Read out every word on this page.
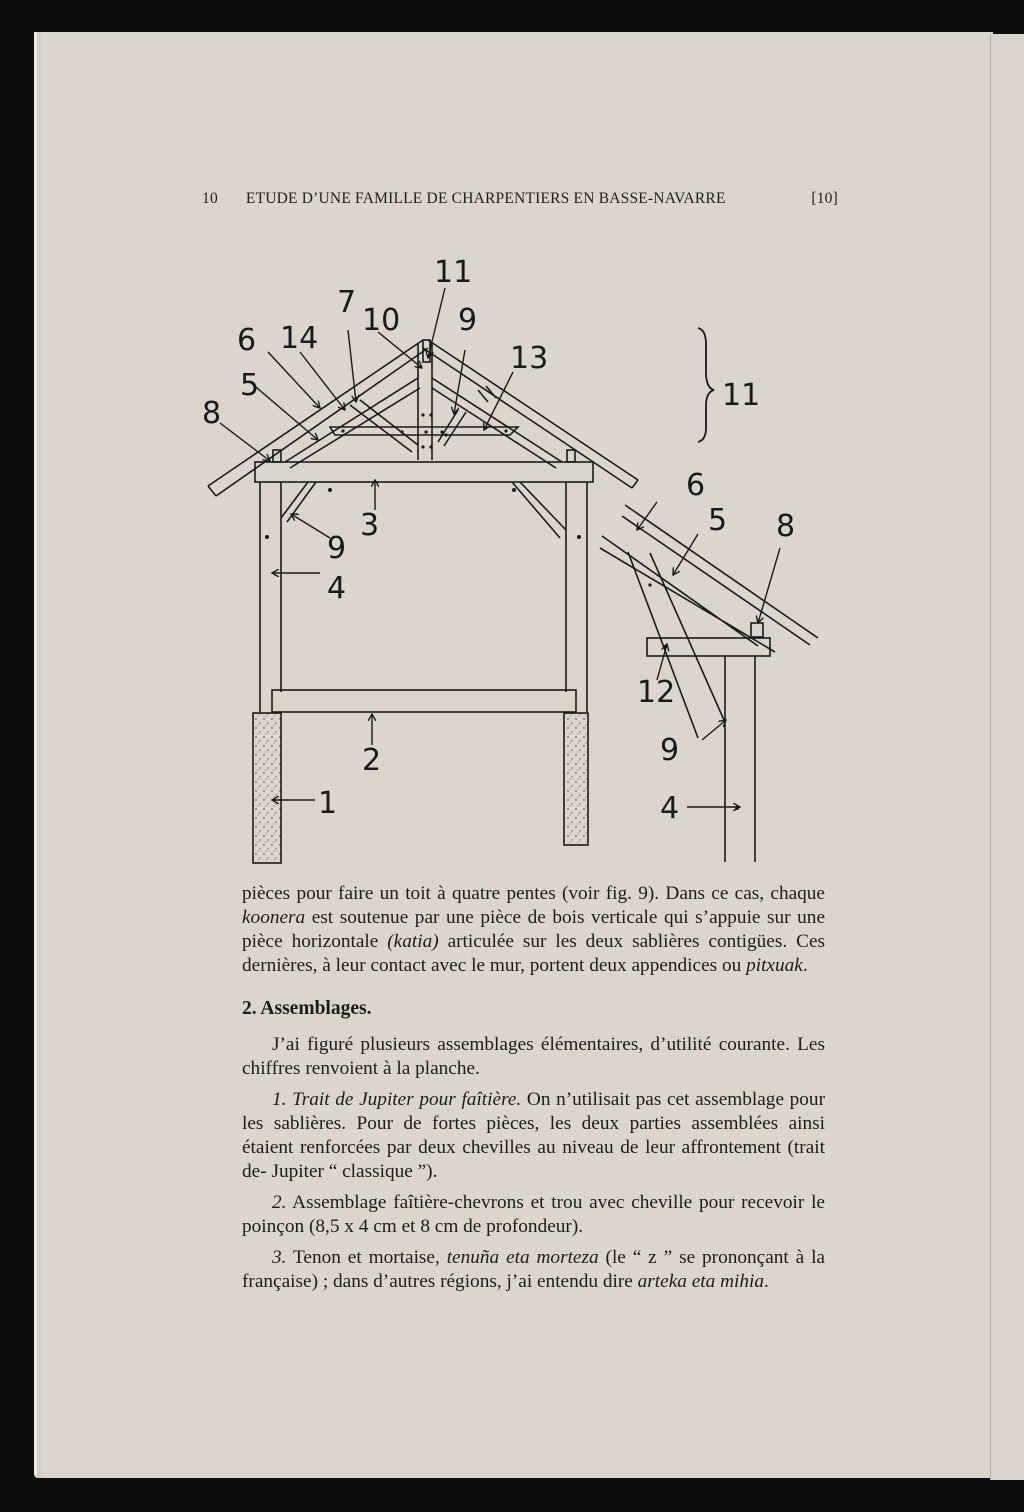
10	ETUDE D’UNE FAMILLE DE CHARPENTIERS EN BASSE-NAVARRE	[10]
6 14
7
10
11
9
13
5
8
11
3
9
4
2
1
6
5 8
12
9
4

pièces pour faire un toit à quatre pentes (voir fig. 9). Dans ce cas, chaque koonera est soutenue par une pièce de bois verticale qui s’appuie sur une pièce horizontale (katia) articulée sur les deux sablières contigües. Ces dernières, à leur contact avec le mur, portent deux appendices ou pitxuak.

2. Assemblages.

J’ai figuré plusieurs assemblages élémentaires, d’utilité courante. Les chiffres renvoient à la planche.

1. Trait de Jupiter pour faîtière. On n’utilisait pas cet assemblage pour les sablières. Pour de fortes pièces, les deux parties assemblées ainsi étaient renforcées par deux chevilles au niveau de leur affrontement (trait de- Jupiter “ classique ”).

2. Assemblage faîtière-chevrons et trou avec cheville pour recevoir le poinçon (8,5 x 4 cm et 8 cm de profondeur).

3. Tenon et mortaise, tenuña eta morteza (le “ z ” se prononçant à la française) ; dans d’autres régions, j’ai entendu dire arteka eta mihia.
